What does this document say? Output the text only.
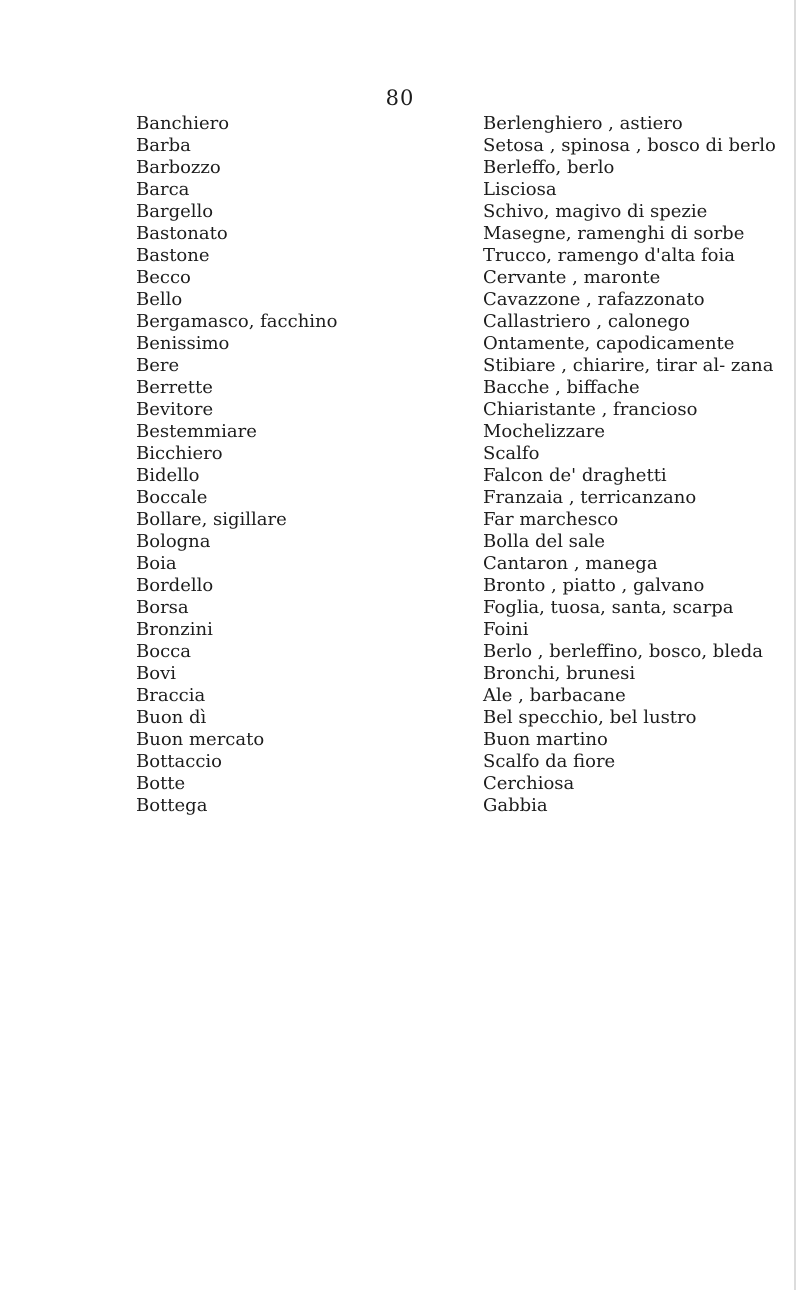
80
Banchiero	Berlenghiero , astiero
Barba	Setosa , spinosa , bosco di berlo
Barbozzo	Berleffo, berlo
Barca	Lisciosa
Bargello	Schivo, magivo di spezie
Bastonato	Masegne, ramenghi di sorbe
Bastone	Trucco, ramengo d'alta foia
Becco	Cervante , maronte
Bello	Cavazzone , rafazzonato
Bergamasco, facchino	Callastriero , calonego
Benissimo	Ontamente, capodicamente
Bere	Stibiare , chiarire, tirar al- zana
Berrette	Bacche , biffache
Bevitore	Chiaristante , francioso
Bestemmiare	Mochelizzare
Bicchiero	Scalfo
Bidello	Falcon de' draghetti
Boccale	Franzaia , terricanzano
Bollare, sigillare	Far marchesco
Bologna	Bolla del sale
Boia	Cantaron , manega
Bordello	Bronto , piatto , galvano
Borsa	Foglia, tuosa, santa, scarpa
Bronzini	Foini
Bocca	Berlo , berleffino, bosco, bleda
Bovi	Bronchi, brunesi
Braccia	Ale , barbacane
Buon dì	Bel specchio, bel lustro
Buon mercato	Buon martino
Bottaccio	Scalfo da fiore
Botte	Cerchiosa
Bottega	Gabbia
